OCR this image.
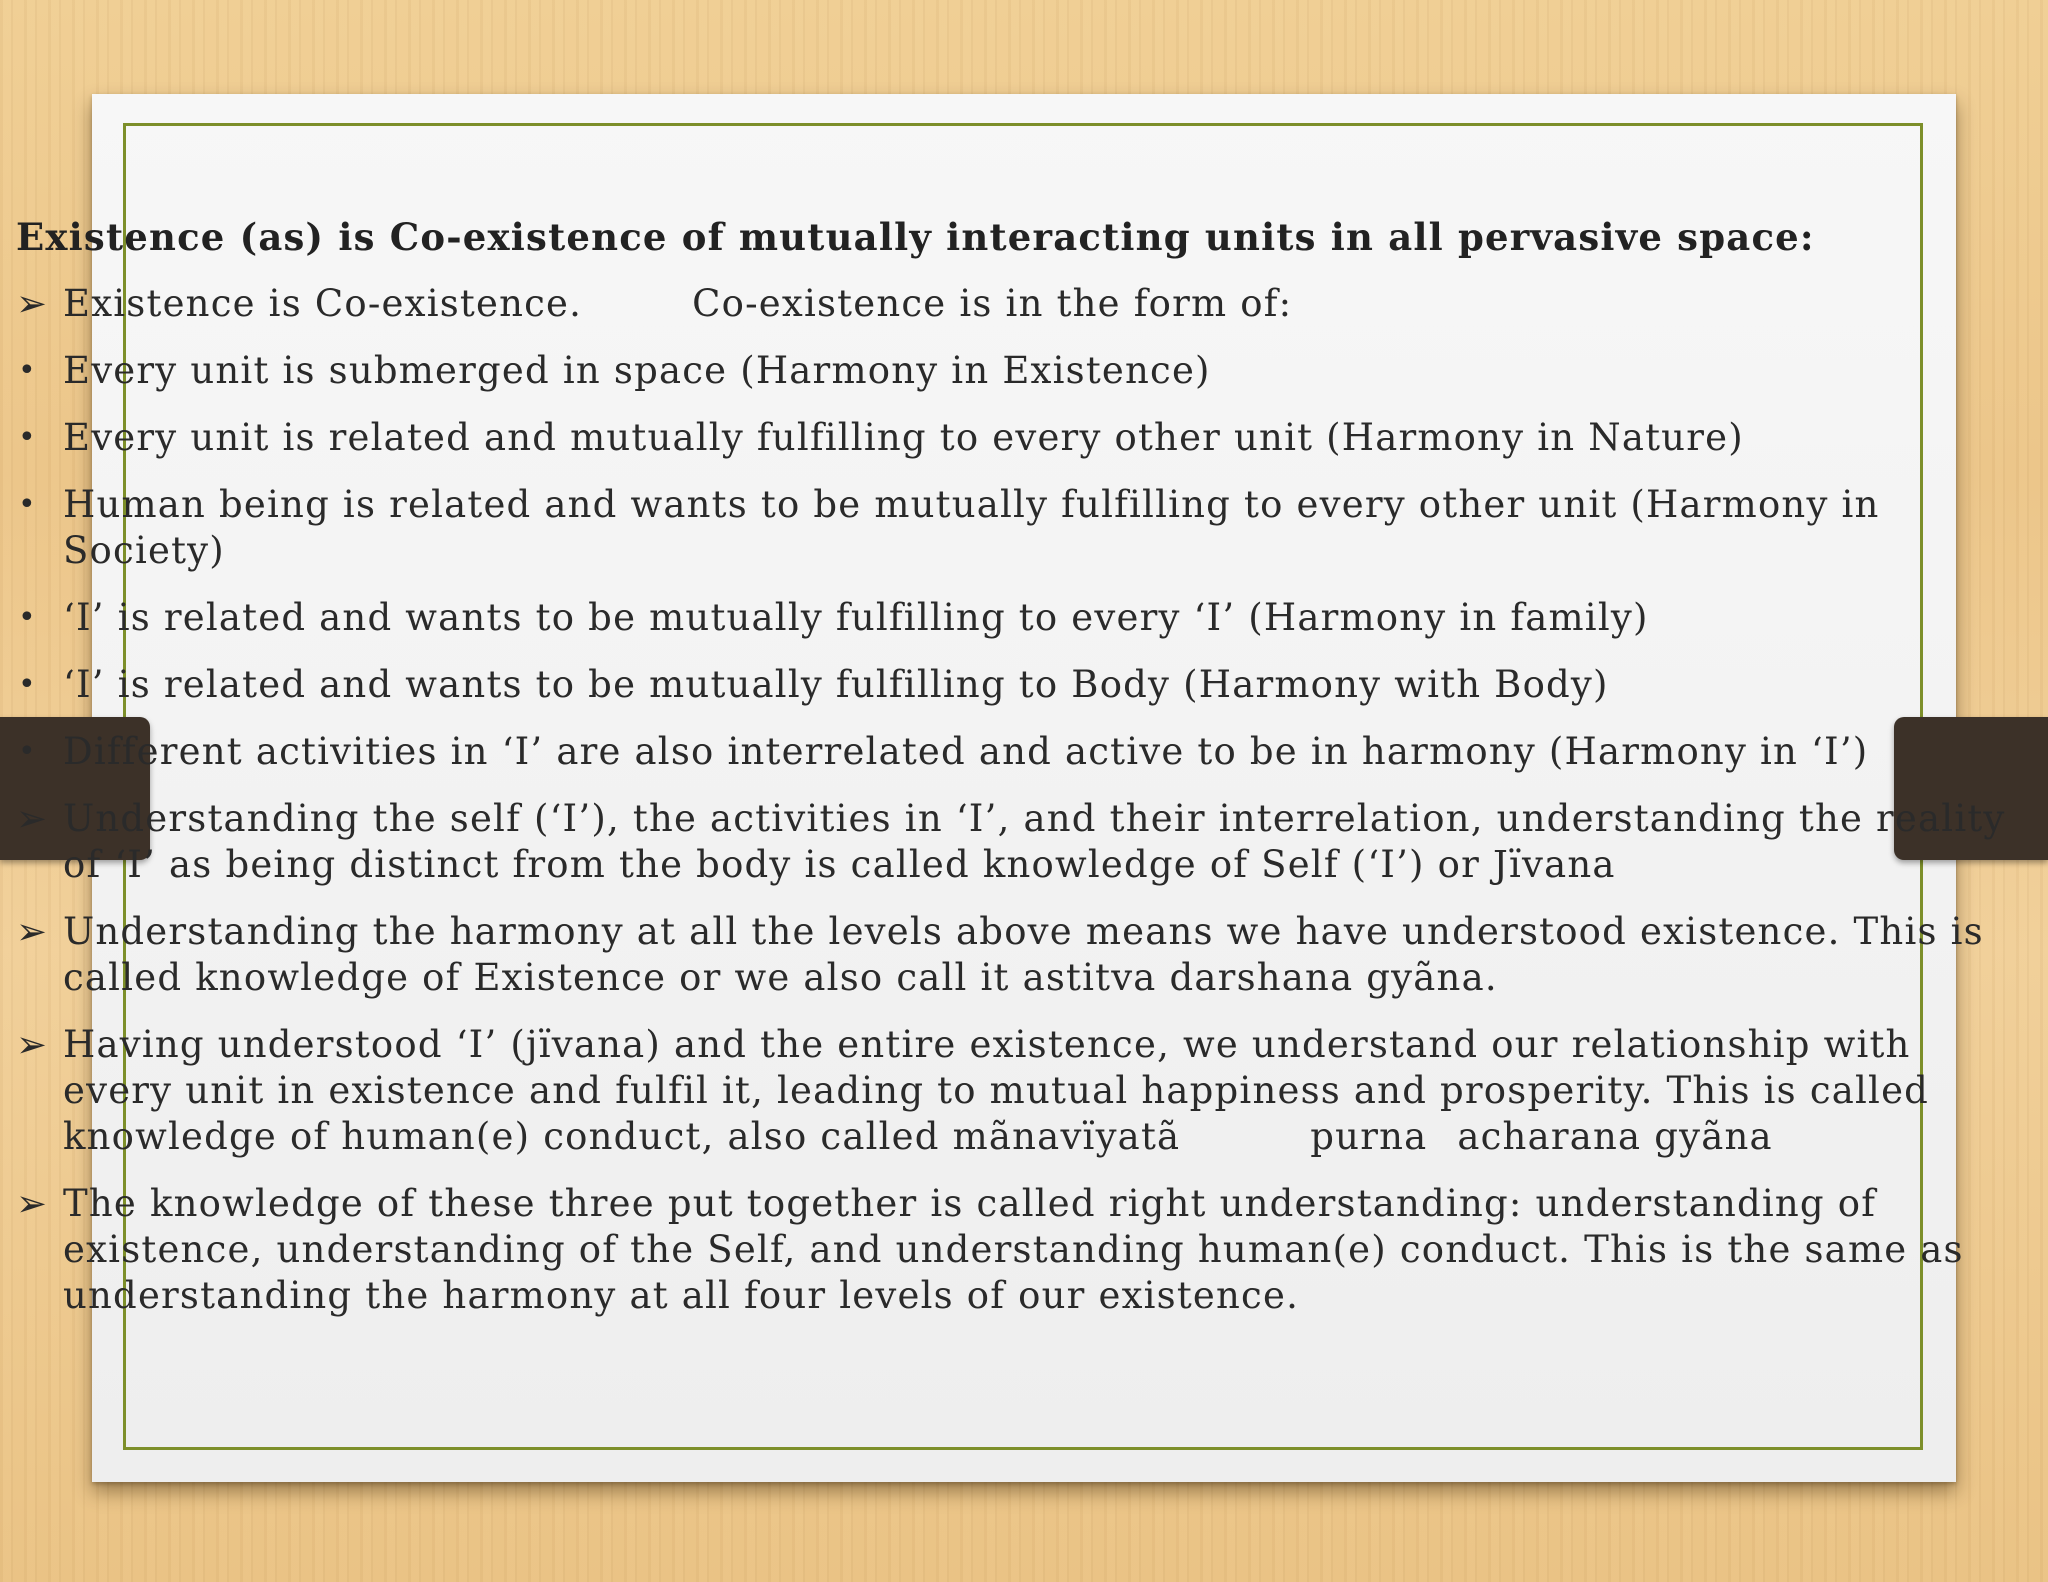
Existence (as) is Co-existence of mutually interacting units in all pervasive space:
➢ Existence is Co-existence.	Co-existence is in the form of:
• Every unit is submerged in space (Harmony in Existence)
• Every unit is related and mutually fulfilling to every other unit (Harmony in Nature)
• Human being is related and wants to be mutually fulfilling to every other unit (Harmony in Society)
• ‘I’ is related and wants to be mutually fulfilling to every ‘I’ (Harmony in family)
• ‘I’ is related and wants to be mutually fulfilling to Body (Harmony with Body)
• Different activities in ‘I’ are also interrelated and active to be in harmony (Harmony in ‘I’)
➢ Understanding the self (‘I’), the activities in ‘I’, and their interrelation, understanding the reality of ‘I’ as being distinct from the body is called knowledge of Self (‘I’) or Jïvana
➢ Understanding the harmony at all the levels above means we have understood existence. This is called knowledge of Existence or we also call it astitva darshana gyãna.
➢ Having understood ‘I’ (jïvana) and the entire existence, we understand our relationship with every unit in existence and fulfil it, leading to mutual happiness and prosperity. This is called knowledge of human(e) conduct, also called mãnavïyatã	purna acharana gyãna
➢ The knowledge of these three put together is called right understanding: understanding of existence, understanding of the Self, and understanding human(e) conduct. This is the same as understanding the harmony at all four levels of our existence.
